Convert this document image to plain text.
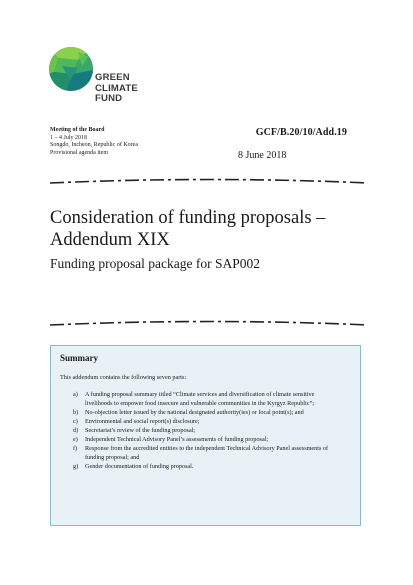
GREEN
CLIMATE
FUND
Meeting of the Board
1 – 4 July 2018
Songdo, Incheon, Republic of Korea
Provisional agenda item
GCF/B.20/10/Add.19
8 June 2018
Consideration of funding proposals –
Addendum XIX
Funding proposal package for SAP002
Summary
This addendum contains the following seven parts:
a)	A funding proposal summary titled “Climate services and diversification of climate sensitive livelihoods to empower food insecure and vulnerable communities in the Kyrgyz Republic”;
b)	No-objection letter issued by the national designated authority(ies) or focal point(s); and
c)	Environmental and social report(s) disclosure;
d)	Secretariat’s review of the funding proposal;
e)	Independent Technical Advisory Panel’s assessments of funding proposal;
f)	Response from the accredited entities to the independent Technical Advisory Panel assessments of funding proposal; and
g)	Gender documentation of funding proposal.
